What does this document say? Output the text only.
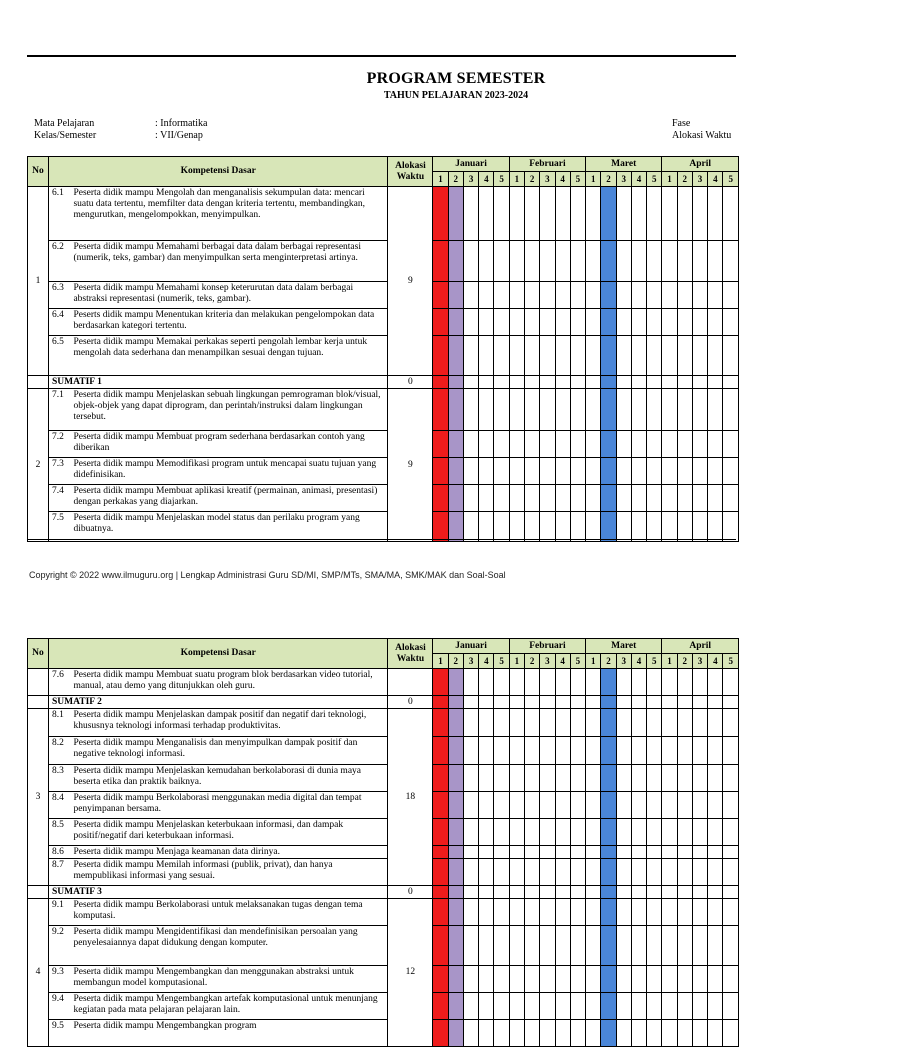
PROGRAM SEMESTER
TAHUN PELAJARAN 2023-2024
Mata Pelajaran	: Informatika
Kelas/Semester	: VII/Genap
Fase
Alokasi Waktu
No	Kompetensi Dasar		Alokasi Waktu	Januari					Februari					Maret					April				
				1	2	3	4	5	1	2	3	4	5	1	2	3	4	5	1	2	3	4	5
1	6.1	Peserta didik mampu Mengolah dan menganalisis sekumpulan data: mencari suatu data tertentu, memfilter data dengan kriteria tertentu, membandingkan, mengurutkan, mengelompokkan, menyimpulkan.	9																				
	6.2	Peserta didik mampu Memahami berbagai data dalam berbagai representasi (numerik, teks, gambar) dan menyimpulkan serta menginterpretasi artinya.																					
	6.3	Peserta didik mampu Memahami konsep keterurutan data dalam berbagai abstraksi representasi (numerik, teks, gambar).																					
	6.4	Peserts didik mampu Menentukan kriteria dan melakukan pengelompokan data berdasarkan kategori tertentu.																					
	6.5	Peserta didik mampu Memakai perkakas seperti pengolah lembar kerja untuk mengolah data sederhana dan menampilkan sesuai dengan tujuan.																					
	SUMATIF 1		0																				
2	7.1	Peserta didik mampu Menjelaskan sebuah lingkungan pemrograman blok/visual, objek-objek yang dapat diprogram, dan perintah/instruksi dalam lingkungan tersebut.	9																				
	7.2	Peserta didik mampu Membuat program sederhana berdasarkan contoh yang diberikan																					
	7.3	Peserta didik mampu Memodifikasi program untuk mencapai suatu tujuan yang didefinisikan.																					
	7.4	Peserta didik mampu Membuat aplikasi kreatif (permainan, animasi, presentasi) dengan perkakas yang diajarkan.																					
	7.5	Peserta didik mampu Menjelaskan model status dan perilaku program yang dibuatnya.																					
Copyright © 2022 www.ilmuguru.org | Lengkap Administrasi Guru SD/MI, SMP/MTs, SMA/MA, SMK/MAK dan Soal-Soal
No	Kompetensi Dasar		Alokasi Waktu	Januari					Februari					Maret					April				
				1	2	3	4	5	1	2	3	4	5	1	2	3	4	5	1	2	3	4	5
	7.6	Peserta didik mampu Membuat suatu program blok berdasarkan video tutorial, manual, atau demo yang ditunjukkan oleh guru.																					
	SUMATIF 2		0																				
3	8.1	Peserta didik mampu Menjelaskan dampak positif dan negatif dari teknologi, khususnya teknologi informasi terhadap produktivitas.	18																				
	8.2	Peserta didik mampu Menganalisis dan menyimpulkan dampak positif dan negative teknologi informasi.																					
	8.3	Peserta didik mampu Menjelaskan kemudahan berkolaborasi di dunia maya beserta etika dan praktik baiknya.																					
	8.4	Peserta didik mampu Berkolaborasi menggunakan media digital dan tempat penyimpanan bersama.																					
	8.5	Peserta didik mampu Menjelaskan keterbukaan informasi, dan dampak positif/negatif dari keterbukaan informasi.																					
	8.6	Peserta didik mampu Menjaga keamanan data dirinya.																					
	8.7	Peserta didik mampu Memilah informasi (publik, privat), dan hanya mempublikasi informasi yang sesuai.																					
	SUMATIF 3		0																				
4	9.1	Peserta didik mampu Berkolaborasi untuk melaksanakan tugas dengan tema komputasi.	12																				
	9.2	Peserta didik mampu Mengidentifikasi dan mendefinisikan persoalan yang penyelesaiannya dapat didukung dengan komputer.																					
	9.3	Peserta didik mampu Mengembangkan dan menggunakan abstraksi untuk membangun model komputasional.																					
	9.4	Peserta didik mampu Mengembangkan artefak komputasional untuk menunjang kegiatan pada mata pelajaran pelajaran lain.																					
	9.5	Peserta didik mampu Mengembangkan program																					
